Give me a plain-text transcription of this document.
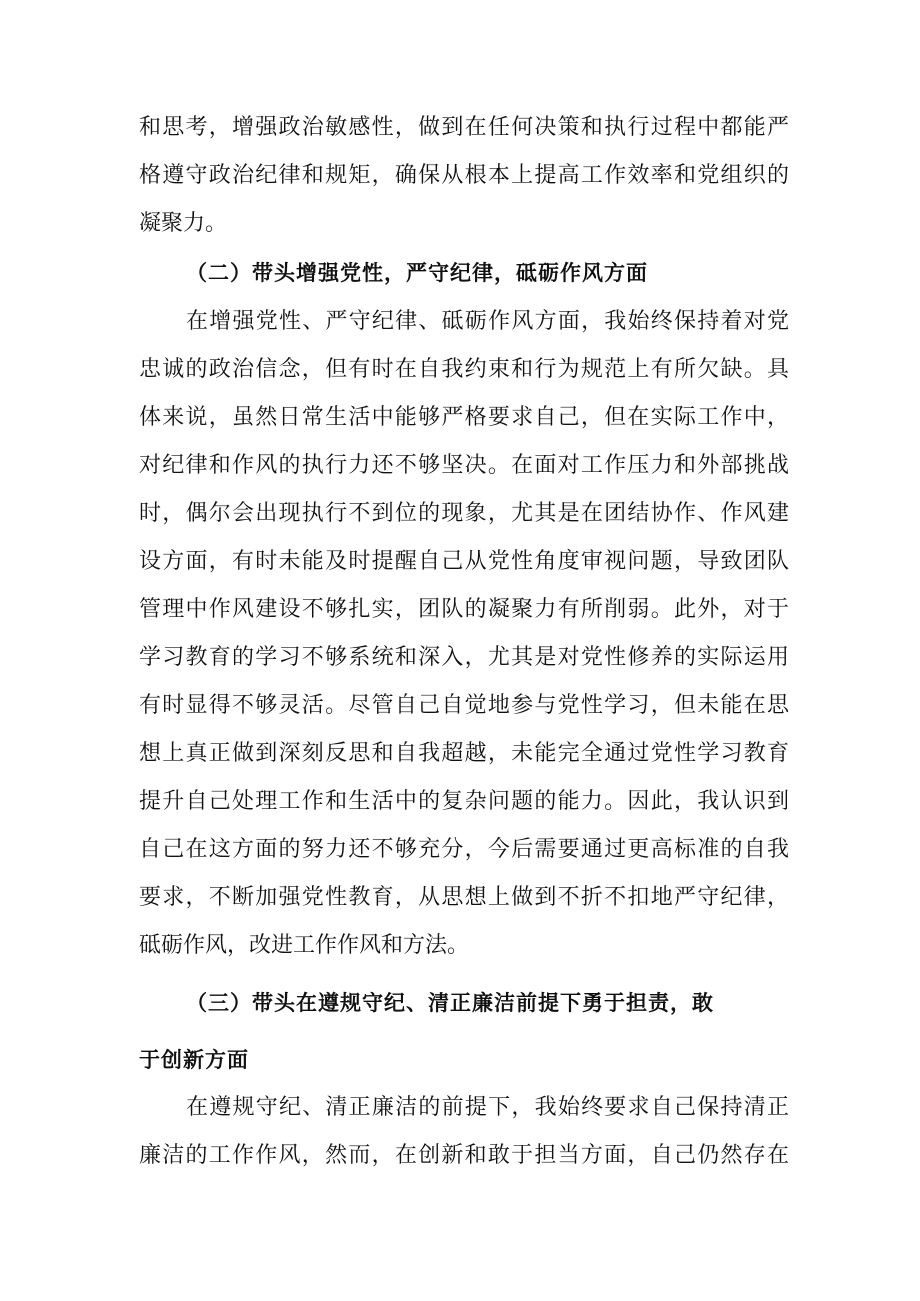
和思考，增强政治敏感性，做到在任何决策和执行过程中都能严
格遵守政治纪律和规矩，确保从根本上提高工作效率和党组织的
凝聚力。
（二）带头增强党性，严守纪律，砥砺作风方面
在增强党性、严守纪律、砥砺作风方面，我始终保持着对党
忠诚的政治信念，但有时在自我约束和行为规范上有所欠缺。具
体来说，虽然日常生活中能够严格要求自己，但在实际工作中，
对纪律和作风的执行力还不够坚决。在面对工作压力和外部挑战
时，偶尔会出现执行不到位的现象，尤其是在团结协作、作风建
设方面，有时未能及时提醒自己从党性角度审视问题，导致团队
管理中作风建设不够扎实，团队的凝聚力有所削弱。此外，对于
学习教育的学习不够系统和深入，尤其是对党性修养的实际运用
有时显得不够灵活。尽管自己自觉地参与党性学习，但未能在思
想上真正做到深刻反思和自我超越，未能完全通过党性学习教育
提升自己处理工作和生活中的复杂问题的能力。因此，我认识到
自己在这方面的努力还不够充分，今后需要通过更高标准的自我
要求，不断加强党性教育，从思想上做到不折不扣地严守纪律，
砥砺作风，改进工作作风和方法。
（三）带头在遵规守纪、清正廉洁前提下勇于担责，敢
于创新方面
在遵规守纪、清正廉洁的前提下，我始终要求自己保持清正
廉洁的工作作风，然而，在创新和敢于担当方面，自己仍然存在
